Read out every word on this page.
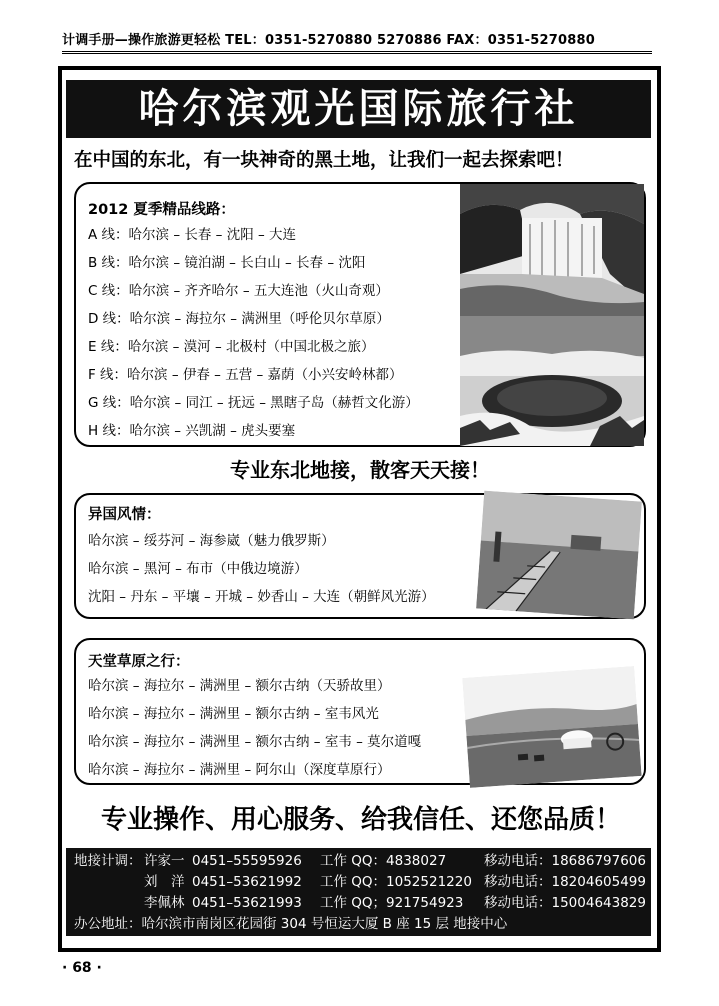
计调手册—操作旅游更轻松 TEL：0351-5270880 5270886 FAX：0351-5270880
哈尔滨观光国际旅行社
在中国的东北，有一块神奇的黑土地，让我们一起去探索吧！
2012 夏季精品线路：
A 线：哈尔滨 – 长春 – 沈阳 – 大连
B 线：哈尔滨 – 镜泊湖 – 长白山 – 长春 – 沈阳
C 线：哈尔滨 – 齐齐哈尔 – 五大连池（火山奇观）
D 线：哈尔滨 – 海拉尔 – 满洲里（呼伦贝尔草原）
E 线：哈尔滨 – 漠河 – 北极村（中国北极之旅）
F 线：哈尔滨 – 伊春 – 五营 – 嘉荫（小兴安岭林都）
G 线：哈尔滨 – 同江 – 抚远 – 黑瞎子岛（赫哲文化游）
H 线：哈尔滨 – 兴凯湖 – 虎头要塞
专业东北地接，散客天天接！
异国风情：
哈尔滨 – 绥芬河 – 海参崴（魅力俄罗斯）
哈尔滨 – 黑河 – 布市（中俄边境游）
沈阳 – 丹东 – 平壤 – 开城 – 妙香山 – 大连（朝鲜风光游）
天堂草原之行：
哈尔滨 – 海拉尔 – 满洲里 – 额尔古纳（天骄故里）
哈尔滨 – 海拉尔 – 满洲里 – 额尔古纳 – 室韦风光
哈尔滨 – 海拉尔 – 满洲里 – 额尔古纳 – 室韦 – 莫尔道嘎
哈尔滨 – 海拉尔 – 满洲里 – 阿尔山（深度草原行）
专业操作、用心服务、给我信任、还您品质！
地接计调： 许家一 0451–55595926 工作 QQ：4838027	移动电话：18686797606
刘　洋 0451–53621992 工作 QQ：1052521220 移动电话：18204605499
李佩林 0451–53621993 工作 QQ；921754923 移动电话：15004643829
办公地址：哈尔滨市南岗区花园街 304 号恒运大厦 B 座 15 层 地接中心
· 68 ·
